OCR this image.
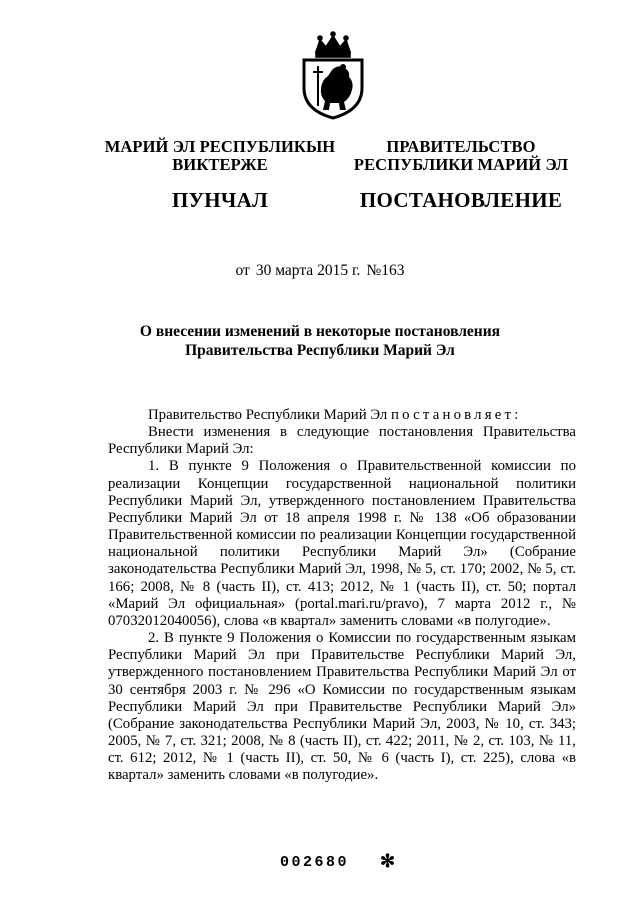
МАРИЙ ЭЛ РЕСПУБЛИКЫН
ВИКТЕРЖЕ
ПУНЧАЛ
ПРАВИТЕЛЬСТВО
РЕСПУБЛИКИ МАРИЙ ЭЛ
ПОСТАНОВЛЕНИЕ
от 30 марта 2015 г. №163
О внесении изменений в некоторые постановления
Правительства Республики Марий Эл

Правительство Республики Марий Эл постановляет:

Внести изменения в следующие постановления Правительства Республики Марий Эл:

1. В пункте 9 Положения о Правительственной комиссии по реализации Концепции государственной национальной политики Республики Марий Эл, утвержденного постановлением Правительства Республики Марий Эл от 18 апреля 1998 г. № 138 «Об образовании Правительственной комиссии по реализации Концепции государственной национальной политики Республики Марий Эл» (Собрание законодательства Республики Марий Эл, 1998, № 5, ст. 170; 2002, № 5, ст. 166; 2008, № 8 (часть II), ст. 413; 2012, № 1 (часть II), ст. 50; портал «Марий Эл официальная» (portal.mari.ru/pravo), 7 марта 2012 г., № 07032012040056), слова «в квартал» заменить словами «в полугодие».

2. В пункте 9 Положения о Комиссии по государственным языкам Республики Марий Эл при Правительстве Республики Марий Эл, утвержденного постановлением Правительства Республики Марий Эл от 30 сентября 2003 г. № 296 «О Комиссии по государственным языкам Республики Марий Эл при Правительстве Республики Марий Эл» (Собрание законодательства Республики Марий Эл, 2003, № 10, ст. 343; 2005, № 7, ст. 321; 2008, № 8 (часть II), ст. 422; 2011, № 2, ст. 103, № 11, ст. 612; 2012, № 1 (часть II), ст. 50, № 6 (часть I), ст. 225), слова «в квартал» заменить словами «в полугодие».

002680 ✻
